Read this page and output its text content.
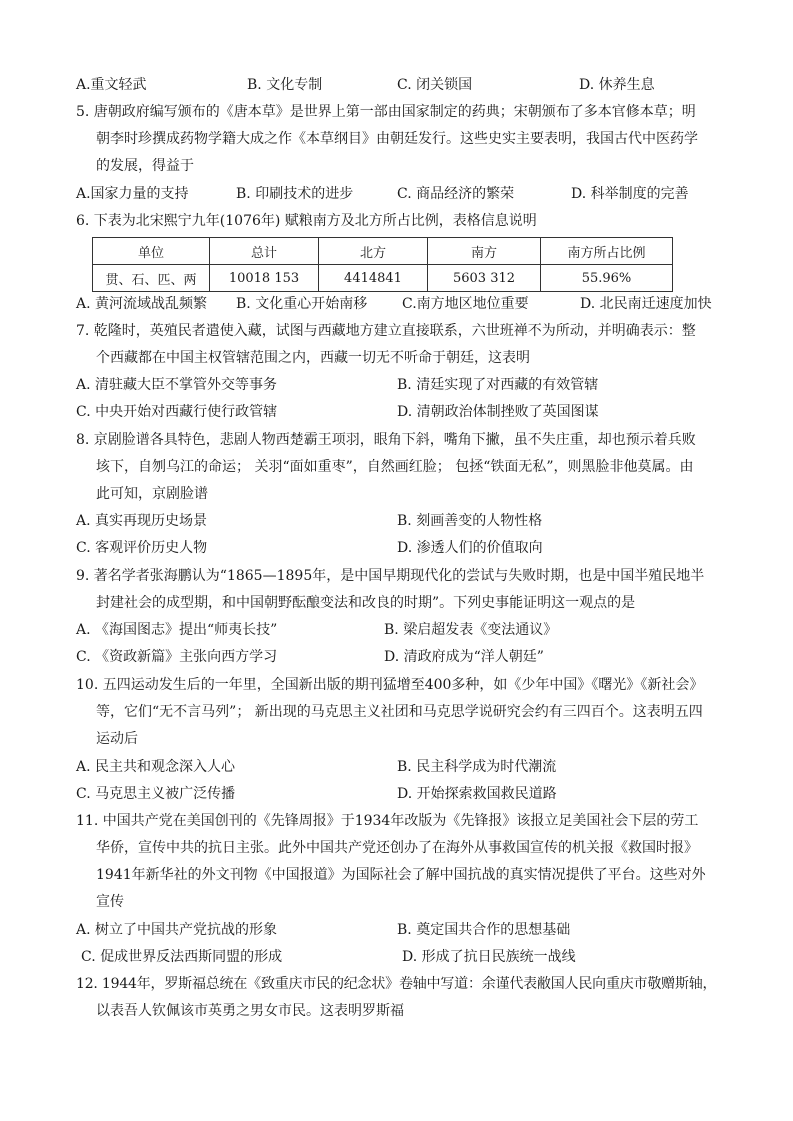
A.重文轻武	B. 文化专制	C. 闭关锁国	D. 休养生息
5. 唐朝政府编写颁布的《唐本草》是世界上第一部由国家制定的药典；宋朝颁布了多本官修本草；明
朝李时珍撰成药物学籍大成之作《本草纲目》由朝廷发行。这些史实主要表明，我国古代中医药学
的发展，得益于
A.国家力量的支持	B. 印刷技术的进步	C. 商品经济的繁荣	D. 科举制度的完善
6. 下表为北宋熙宁九年(1076年) 赋粮南方及北方所占比例，表格信息说明
单位	总计	北方	南方	南方所占比例
贯、石、匹、两	10018 153	4414841	5603 312	55.96%
A. 黄河流域战乱频繁 B. 文化重心开始南移 C.南方地区地位重要	D. 北民南迁速度加快
7. 乾隆时，英殖民者遣使入藏，试图与西藏地方建立直接联系，六世班禅不为所动，并明确表示：整
个西藏都在中国主权管辖范围之内，西藏一切无不听命于朝廷，这表明
A. 清驻藏大臣不掌管外交等事务	B. 清廷实现了对西藏的有效管辖
C. 中央开始对西藏行使行政管辖	D. 清朝政治体制挫败了英国图谋
8. 京剧脸谱各具特色，悲剧人物西楚霸王项羽，眼角下斜，嘴角下撇，虽不失庄重，却也预示着兵败
垓下，自刎乌江的命运； 关羽“面如重枣”，自然画红脸； 包拯“铁面无私”，则黑脸非他莫属。由
此可知，京剧脸谱
A. 真实再现历史场景	B. 刻画善变的人物性格
C. 客观评价历史人物	D. 渗透人们的价值取向
9. 著名学者张海鹏认为“1865—1895年，是中国早期现代化的尝试与失败时期，也是中国半殖民地半
封建社会的成型期，和中国朝野酝酿变法和改良的时期”。下列史事能证明这一观点的是
A. 《海国图志》提出“师夷长技”	B. 梁启超发表《变法通议》
C. 《资政新篇》主张向西方学习	D. 清政府成为“洋人朝廷”
10. 五四运动发生后的一年里，全国新出版的期刊猛增至400多种，如《少年中国》《曙光》《新社会》
等，它们“无不言马列”； 新出现的马克思主义社团和马克思学说研究会约有三四百个。这表明五四
运动后
A. 民主共和观念深入人心	B. 民主科学成为时代潮流
C. 马克思主义被广泛传播	D. 开始探索救国救民道路
11. 中国共产党在美国创刊的《先锋周报》于1934年改版为《先锋报》该报立足美国社会下层的劳工
华侨，宣传中共的抗日主张。此外中国共产党还创办了在海外从事救国宣传的机关报《救国时报》
1941年新华社的外文刊物《中国报道》为国际社会了解中国抗战的真实情况提供了平台。这些对外
宣传
A. 树立了中国共产党抗战的形象	B. 奠定国共合作的思想基础
C. 促成世界反法西斯同盟的形成	D. 形成了抗日民族统一战线
12. 1944年，罗斯福总统在《致重庆市民的纪念状》卷轴中写道：余谨代表敝国人民向重庆市敬赠斯轴，
以表吾人钦佩该市英勇之男女市民。这表明罗斯福
